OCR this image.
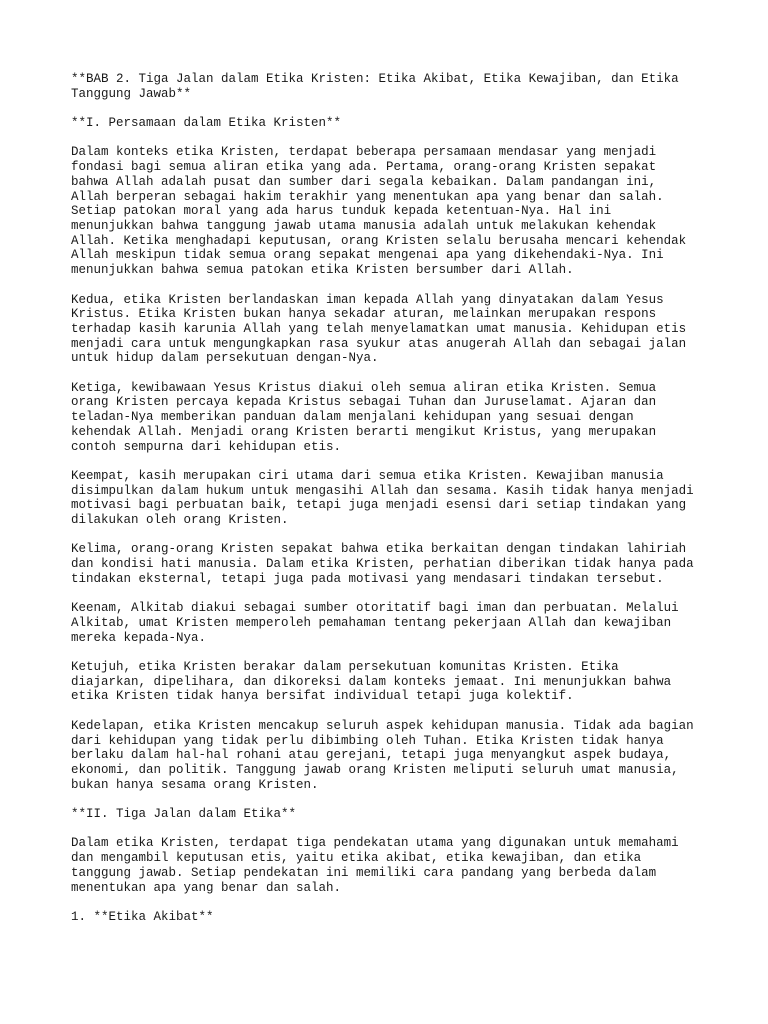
**BAB 2. Tiga Jalan dalam Etika Kristen: Etika Akibat, Etika Kewajiban, dan Etika
Tanggung Jawab**

**I. Persamaan dalam Etika Kristen**

Dalam konteks etika Kristen, terdapat beberapa persamaan mendasar yang menjadi
fondasi bagi semua aliran etika yang ada. Pertama, orang-orang Kristen sepakat
bahwa Allah adalah pusat dan sumber dari segala kebaikan. Dalam pandangan ini,
Allah berperan sebagai hakim terakhir yang menentukan apa yang benar dan salah.
Setiap patokan moral yang ada harus tunduk kepada ketentuan-Nya. Hal ini
menunjukkan bahwa tanggung jawab utama manusia adalah untuk melakukan kehendak
Allah. Ketika menghadapi keputusan, orang Kristen selalu berusaha mencari kehendak
Allah meskipun tidak semua orang sepakat mengenai apa yang dikehendaki-Nya. Ini
menunjukkan bahwa semua patokan etika Kristen bersumber dari Allah.

Kedua, etika Kristen berlandaskan iman kepada Allah yang dinyatakan dalam Yesus
Kristus. Etika Kristen bukan hanya sekadar aturan, melainkan merupakan respons
terhadap kasih karunia Allah yang telah menyelamatkan umat manusia. Kehidupan etis
menjadi cara untuk mengungkapkan rasa syukur atas anugerah Allah dan sebagai jalan
untuk hidup dalam persekutuan dengan-Nya.

Ketiga, kewibawaan Yesus Kristus diakui oleh semua aliran etika Kristen. Semua
orang Kristen percaya kepada Kristus sebagai Tuhan dan Juruselamat. Ajaran dan
teladan-Nya memberikan panduan dalam menjalani kehidupan yang sesuai dengan
kehendak Allah. Menjadi orang Kristen berarti mengikut Kristus, yang merupakan
contoh sempurna dari kehidupan etis.

Keempat, kasih merupakan ciri utama dari semua etika Kristen. Kewajiban manusia
disimpulkan dalam hukum untuk mengasihi Allah dan sesama. Kasih tidak hanya menjadi
motivasi bagi perbuatan baik, tetapi juga menjadi esensi dari setiap tindakan yang
dilakukan oleh orang Kristen.

Kelima, orang-orang Kristen sepakat bahwa etika berkaitan dengan tindakan lahiriah
dan kondisi hati manusia. Dalam etika Kristen, perhatian diberikan tidak hanya pada
tindakan eksternal, tetapi juga pada motivasi yang mendasari tindakan tersebut.

Keenam, Alkitab diakui sebagai sumber otoritatif bagi iman dan perbuatan. Melalui
Alkitab, umat Kristen memperoleh pemahaman tentang pekerjaan Allah dan kewajiban
mereka kepada-Nya.

Ketujuh, etika Kristen berakar dalam persekutuan komunitas Kristen. Etika
diajarkan, dipelihara, dan dikoreksi dalam konteks jemaat. Ini menunjukkan bahwa
etika Kristen tidak hanya bersifat individual tetapi juga kolektif.

Kedelapan, etika Kristen mencakup seluruh aspek kehidupan manusia. Tidak ada bagian
dari kehidupan yang tidak perlu dibimbing oleh Tuhan. Etika Kristen tidak hanya
berlaku dalam hal-hal rohani atau gerejani, tetapi juga menyangkut aspek budaya,
ekonomi, dan politik. Tanggung jawab orang Kristen meliputi seluruh umat manusia,
bukan hanya sesama orang Kristen.

**II. Tiga Jalan dalam Etika**

Dalam etika Kristen, terdapat tiga pendekatan utama yang digunakan untuk memahami
dan mengambil keputusan etis, yaitu etika akibat, etika kewajiban, dan etika
tanggung jawab. Setiap pendekatan ini memiliki cara pandang yang berbeda dalam
menentukan apa yang benar dan salah.

1. **Etika Akibat**
